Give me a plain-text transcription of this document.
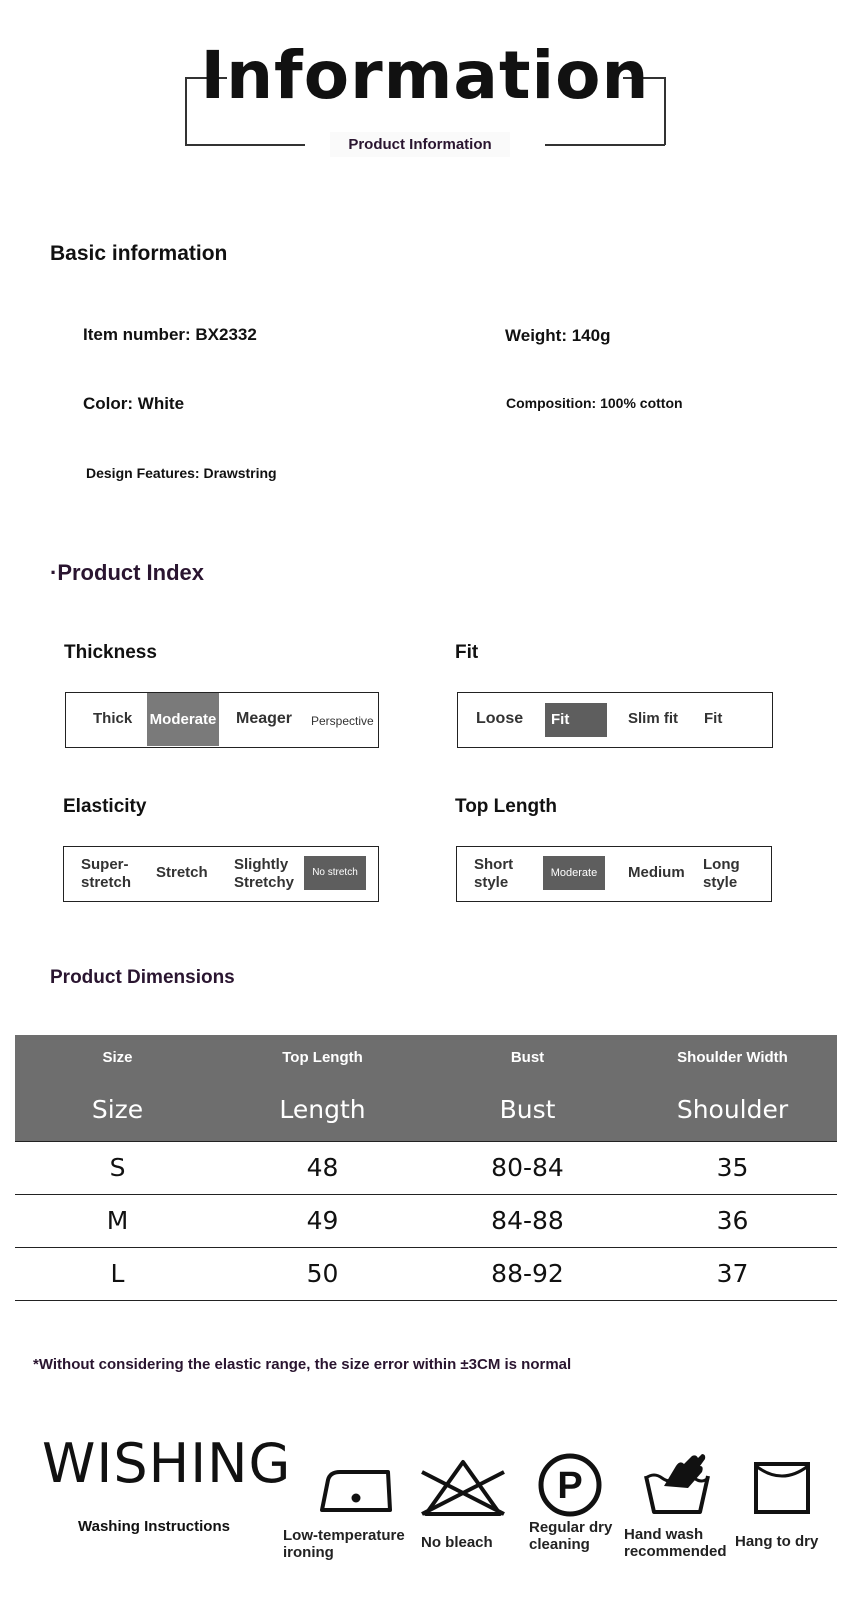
Information
Product Information
Basic information
Item number: BX2332	Weight: 140g
Color: White	Composition: 100% cotton
Design Features: Drawstring
·Product Index
Thickness
Thick Moderate Meager Perspective
Fit
Loose	Fit	Slim fit Fit
Elasticity
Super-
stretch
Stretch Slightly
Stretchy
No stretch
Top Length
Short
style
Moderate	Medium Long
style
Product Dimensions
Size	Top Length	Bust	Shoulder Width
Size	Length	Bust	Shoulder
S	48	80-84	35
M	49	84-88	36
L	50	88-92	37
*Without considering the elastic range, the size error within ±3CM is normal
WISHING
Washing Instructions
Low-temperature
ironing
No bleach
P
Regular dry
cleaning
Hand wash
recommended
Hang to dry
